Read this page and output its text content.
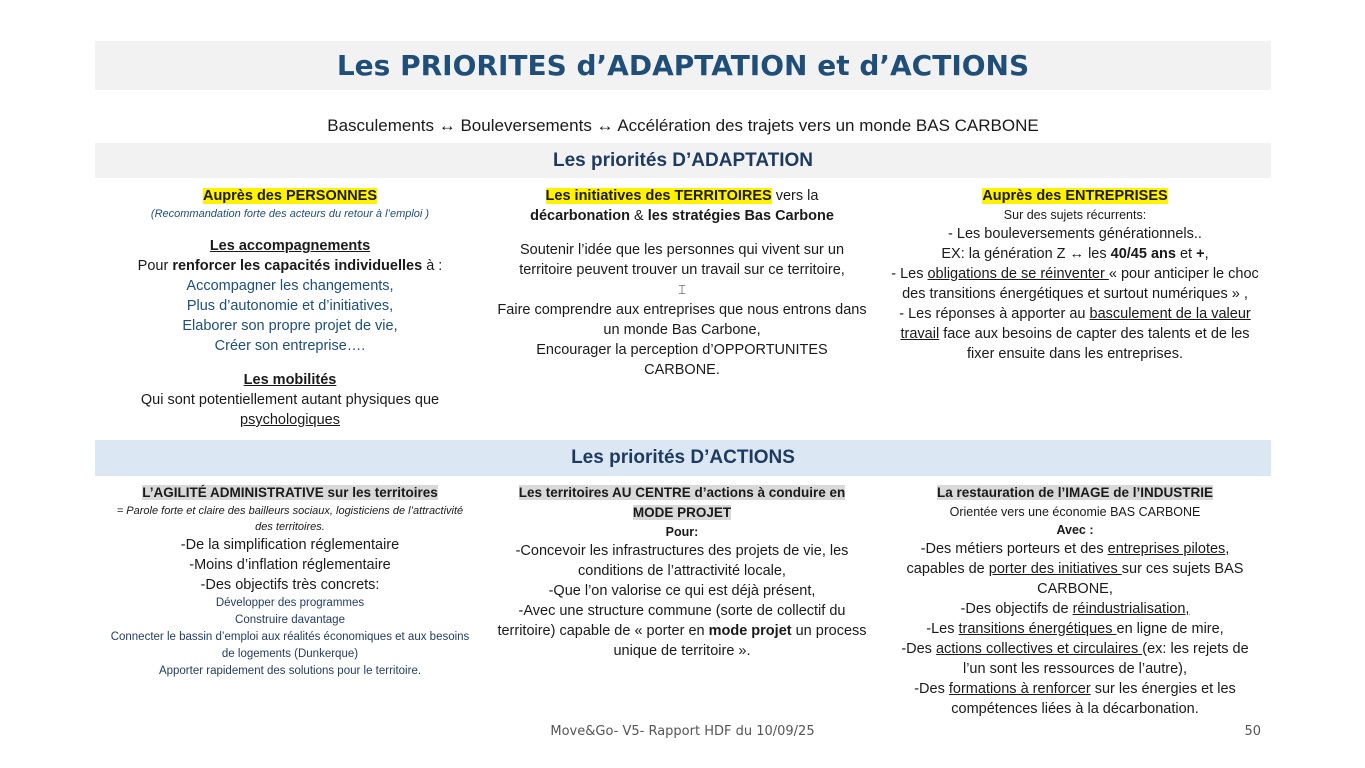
Les PRIORITES d’ADAPTATION et d’ACTIONS
Basculements ↔ Bouleversements ↔ Accélération des trajets vers un monde BAS CARBONE
Les priorités D’ADAPTATION
Auprès des PERSONNES
(Recommandation forte des acteurs du retour à l’emploi )
Les accompagnements
Pour renforcer les capacités individuelles à :
Accompagner les changements,
Plus d’autonomie et d’initiatives,
Elaborer son propre projet de vie,
Créer son entreprise….
Les mobilités
Qui sont potentiellement autant physiques que
psychologiques
Les initiatives des TERRITOIRES vers la
décarbonation & les stratégies Bas Carbone
Soutenir l’idée que les personnes qui vivent sur un territoire peuvent trouver un travail sur ce territoire,
⌶
Faire comprendre aux entreprises que nous entrons dans un monde Bas Carbone,
Encourager la perception d’OPPORTUNITES CARBONE.
Auprès des ENTREPRISES
Sur des sujets récurrents:
- Les bouleversements générationnels..
EX: la génération Z ↔ les 40/45 ans et +,
- Les obligations de se réinventer « pour anticiper le choc des transitions énergétiques et surtout numériques » ,
- Les réponses à apporter au basculement de la valeur travail face aux besoins de capter des talents et de les fixer ensuite dans les entreprises.
Les priorités D’ACTIONS
L’AGILITÉ ADMINISTRATIVE sur les territoires
= Parole forte et claire des bailleurs sociaux, logisticiens de l’attractivité des territoires.
-De la simplification réglementaire
-Moins d’inflation réglementaire
-Des objectifs très concrets:
Développer des programmes
Construire davantage
Connecter le bassin d’emploi aux réalités économiques et aux besoins de logements (Dunkerque)
Apporter rapidement des solutions pour le territoire.
Les territoires AU CENTRE d’actions à conduire en MODE PROJET
Pour:
-Concevoir les infrastructures des projets de vie, les conditions de l’attractivité locale,
-Que l’on valorise ce qui est déjà présent,
-Avec une structure commune (sorte de collectif du territoire) capable de « porter en mode projet un process unique de territoire ».
La restauration de l’IMAGE de l’INDUSTRIE
Orientée vers une économie BAS CARBONE
Avec :
-Des métiers porteurs et des entreprises pilotes, capables de porter des initiatives sur ces sujets BAS CARBONE,
-Des objectifs de réindustrialisation,
-Les transitions énergétiques en ligne de mire,
-Des actions collectives et circulaires (ex: les rejets de l’un sont les ressources de l’autre),
-Des formations à renforcer sur les énergies et les compétences liées à la décarbonation.
Move&Go- V5- Rapport HDF du 10/09/25	50
